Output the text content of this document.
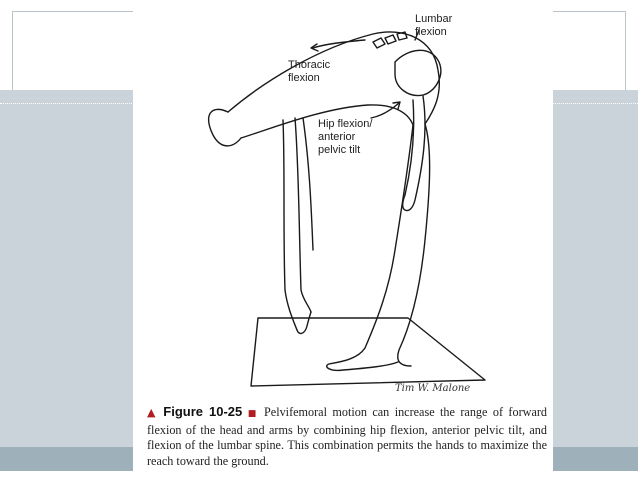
Lumbar
flexion
Thoracic
flexion
Hip flexion/
anterior
pelvic tilt
Tim W. Malone
▲ Figure 10-25 ■ Pelvifemoral motion can increase the range of forward flexion of the head and arms by combining hip flexion, anterior pelvic tilt, and flexion of the lumbar spine. This combination permits the hands to maximize the reach toward the ground.
